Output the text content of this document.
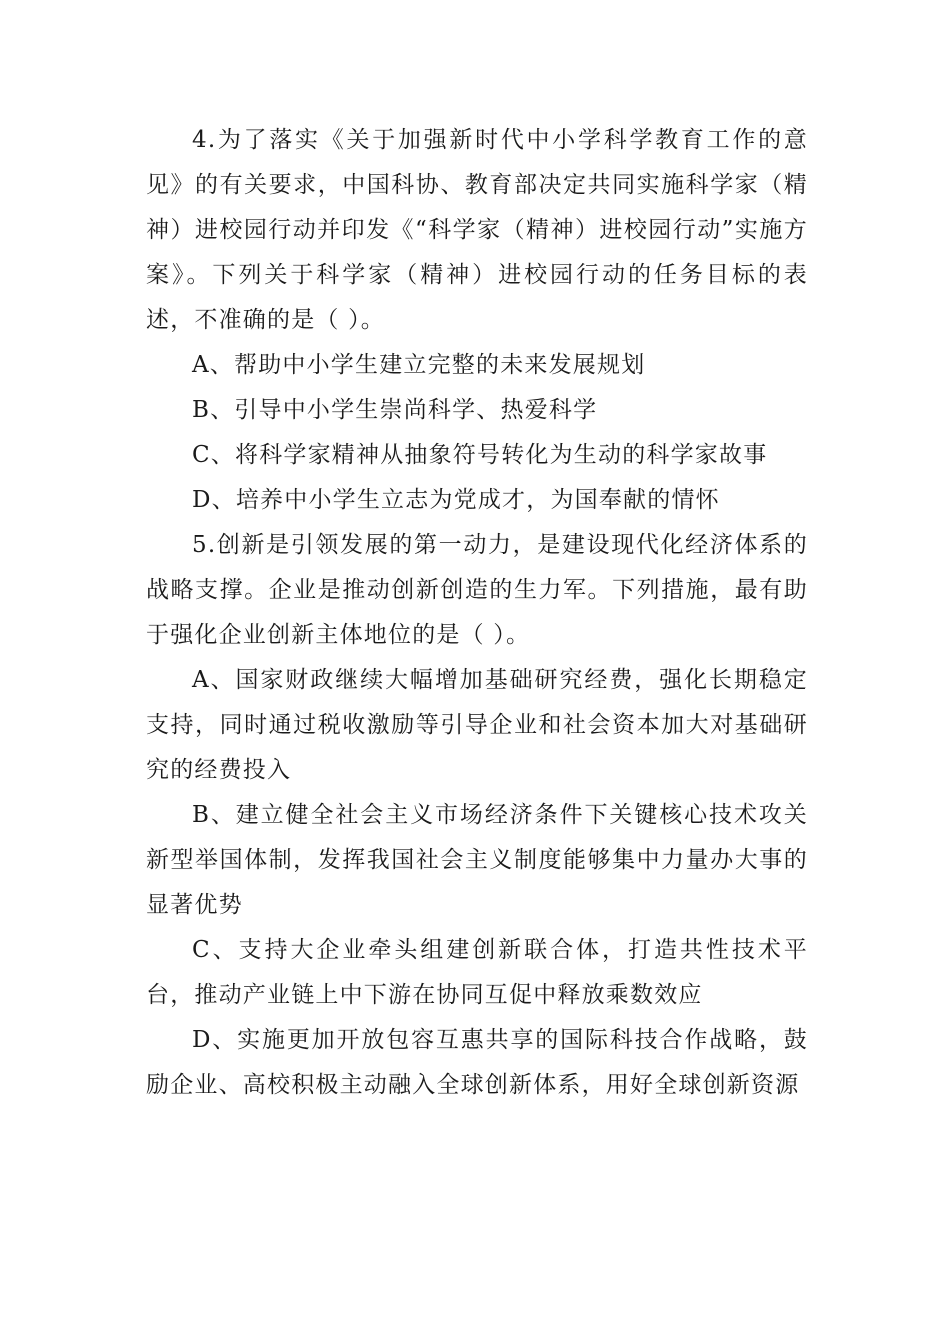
4.为了落实《关于加强新时代中小学科学教育工作的意见》的有关要求，中国科协、教育部决定共同实施科学家（精神）进校园行动并印发《“科学家（精神）进校园行动”实施方案》。下列关于科学家（精神）进校园行动的任务目标的表述，不准确的是（ ）。

A、帮助中小学生建立完整的未来发展规划

B、引导中小学生崇尚科学、热爱科学

C、将科学家精神从抽象符号转化为生动的科学家故事

D、培养中小学生立志为党成才，为国奉献的情怀

5.创新是引领发展的第一动力，是建设现代化经济体系的战略支撑。企业是推动创新创造的生力军。下列措施，最有助于强化企业创新主体地位的是（ ）。

A、国家财政继续大幅增加基础研究经费，强化长期稳定支持，同时通过税收激励等引导企业和社会资本加大对基础研究的经费投入

B、建立健全社会主义市场经济条件下关键核心技术攻关新型举国体制，发挥我国社会主义制度能够集中力量办大事的显著优势

C、支持大企业牵头组建创新联合体，打造共性技术平台，推动产业链上中下游在协同互促中释放乘数效应

D、实施更加开放包容互惠共享的国际科技合作战略，鼓励企业、高校积极主动融入全球创新体系，用好全球创新资源
